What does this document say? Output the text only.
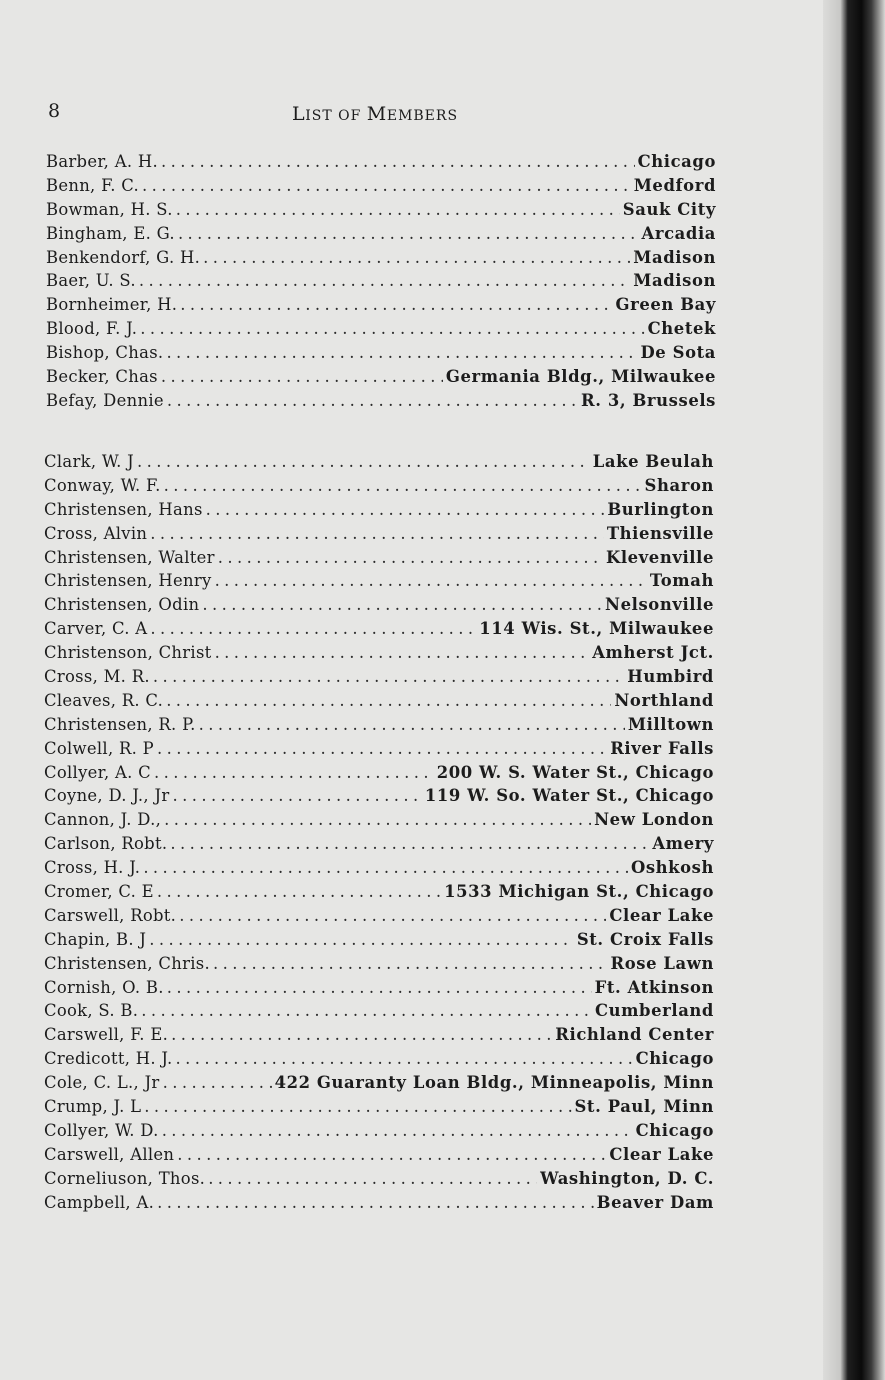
8	LIST OF MEMBERS
Barber, A. H. . . .	Chicago
Benn, F. C. . . .	Medford
Bowman, H. S. . . .	Sauk City
Bingham, E. G. . . .	Arcadia
Benkendorf, G. H. . . .	Madison
Baer, U. S. . . .	Madison
Bornheimer, H. . . .	Green Bay
Blood, F. J. . . .	Chetek
Bishop, Chas. . . .	De Sota
Becker, Chas . . .	Germania Bldg., Milwaukee
Befay, Dennie . . .	R. 3, Brussels
Clark, W. J . . .	Lake Beulah
Conway, W. F. . . .	Sharon
Christensen, Hans . . .	Burlington
Cross, Alvin . . .	Thiensville
Christensen, Walter . . .	Klevenville
Christensen, Henry . . .	Tomah
Christensen, Odin . . .	Nelsonville
Carver, C. A . . .	114 Wis. St., Milwaukee
Christenson, Christ . . .	Amherst Jct.
Cross, M. R. . . .	Humbird
Cleaves, R. C. . . .	Northland
Christensen, R. P. . . .	Milltown
Colwell, R. P . . .	River Falls
Collyer, A. C . . .	200 W. S. Water St., Chicago
Coyne, D. J., Jr . . .	119 W. So. Water St., Chicago
Cannon, J. D., . . .	New London
Carlson, Robt. . . .	Amery
Cross, H. J. . . .	Oshkosh
Cromer, C. E . . .	1533 Michigan St., Chicago
Carswell, Robt. . . .	Clear Lake
Chapin, B. J . . .	St. Croix Falls
Christensen, Chris. . . .	Rose Lawn
Cornish, O. B. . . .	Ft. Atkinson
Cook, S. B. . . .	Cumberland
Carswell, F. E. . . .	Richland Center
Credicott, H. J. . . .	Chicago
Cole, C. L., Jr . . .	422 Guaranty Loan Bldg., Minneapolis, Minn
Crump, J. L . . .	St. Paul, Minn
Collyer, W. D. . . .	Chicago
Carswell, Allen . . .	Clear Lake
Corneliuson, Thos. . . .	Washington, D. C.
Campbell, A. . . .	Beaver Dam
